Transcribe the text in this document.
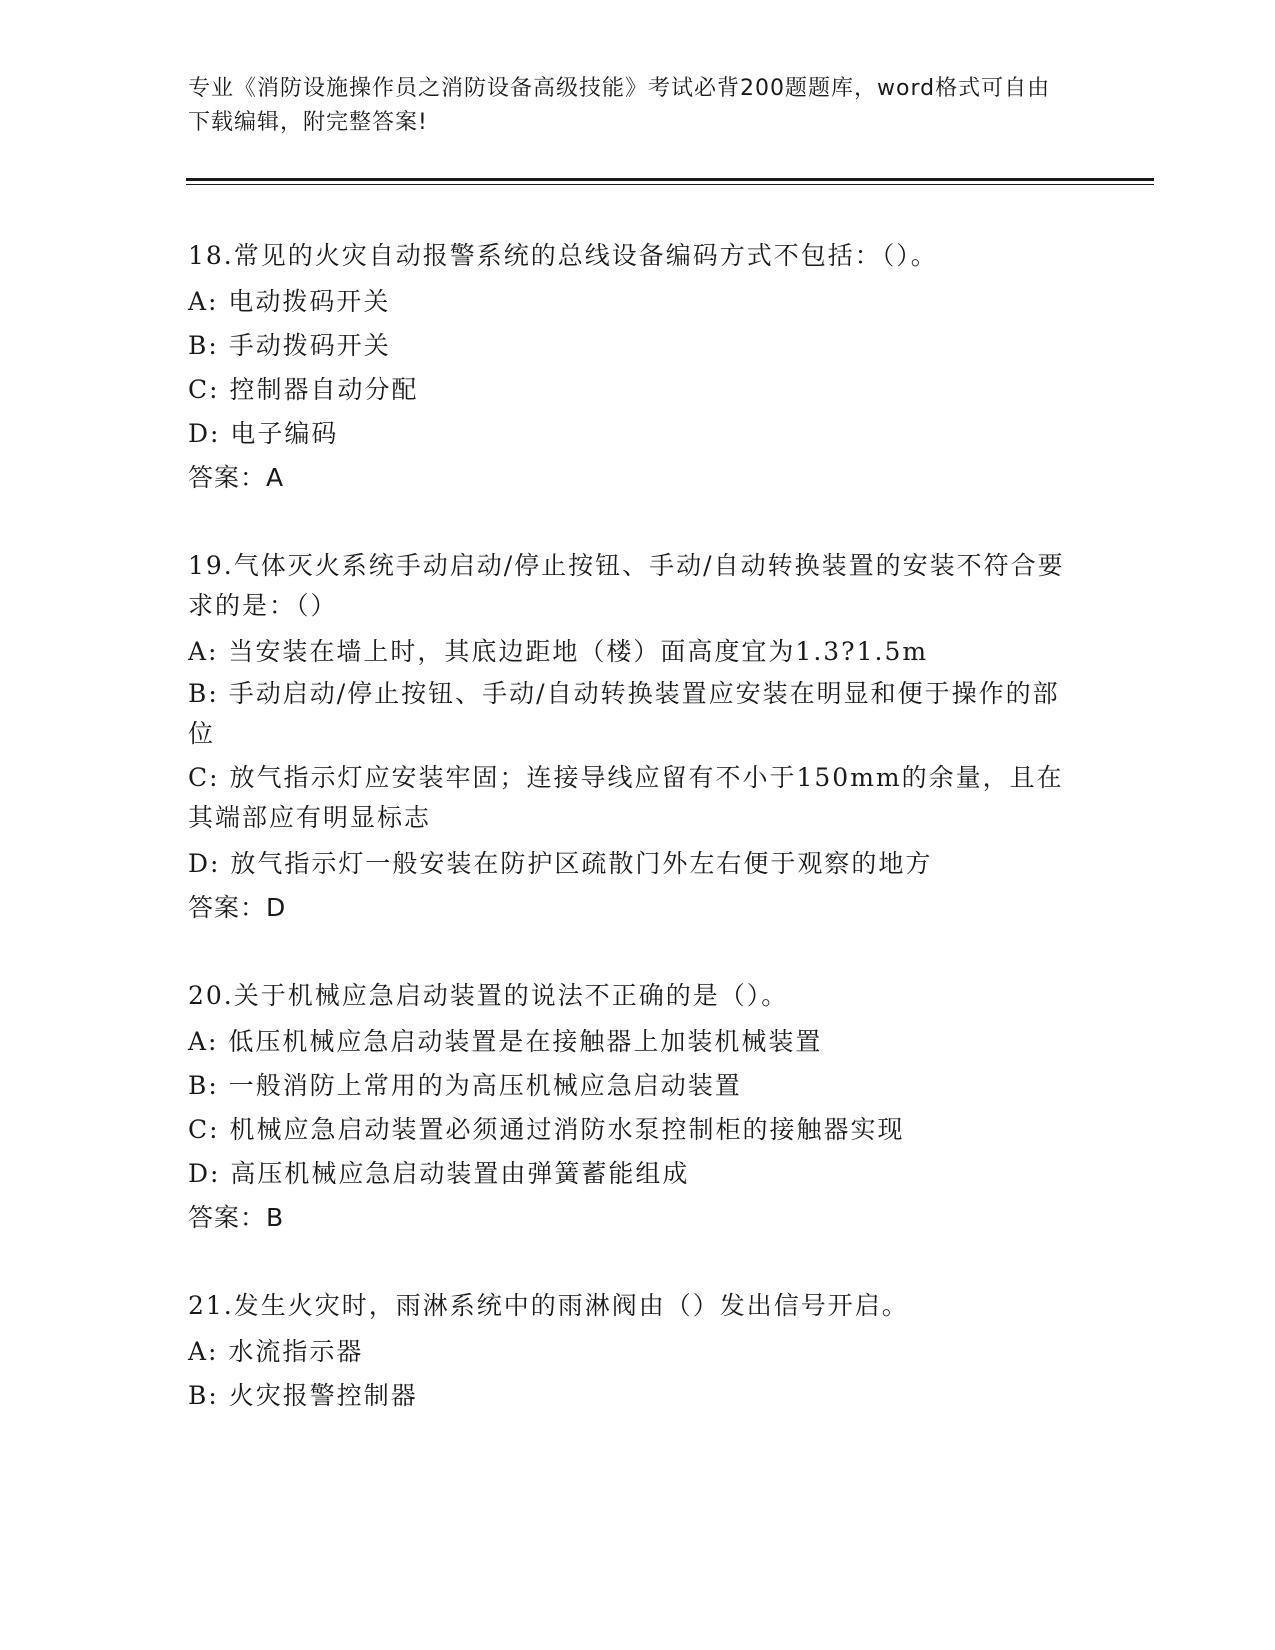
专业《消防设施操作员之消防设备高级技能》考试必背200题题库，word格式可自由下载编辑，附完整答案!

18.常见的火灾自动报警系统的总线设备编码方式不包括：（）。

A: 电动拨码开关

B: 手动拨码开关

C: 控制器自动分配

D: 电子编码

答案：A

19.气体灭火系统手动启动/停止按钮、手动/自动转换装置的安装不符合要求的是：（）

A: 当安装在墙上时，其底边距地（楼）面高度宜为1.3?1.5m

B: 手动启动/停止按钮、手动/自动转换装置应安装在明显和便于操作的部位

C: 放气指示灯应安装牢固；连接导线应留有不小于150mm的余量，且在其端部应有明显标志

D: 放气指示灯一般安装在防护区疏散门外左右便于观察的地方

答案：D

20.关于机械应急启动装置的说法不正确的是（）。

A: 低压机械应急启动装置是在接触器上加装机械装置

B: 一般消防上常用的为高压机械应急启动装置

C: 机械应急启动装置必须通过消防水泵控制柜的接触器实现

D: 高压机械应急启动装置由弹簧蓄能组成

答案：B

21.发生火灾时，雨淋系统中的雨淋阀由（）发出信号开启。

A: 水流指示器

B: 火灾报警控制器
